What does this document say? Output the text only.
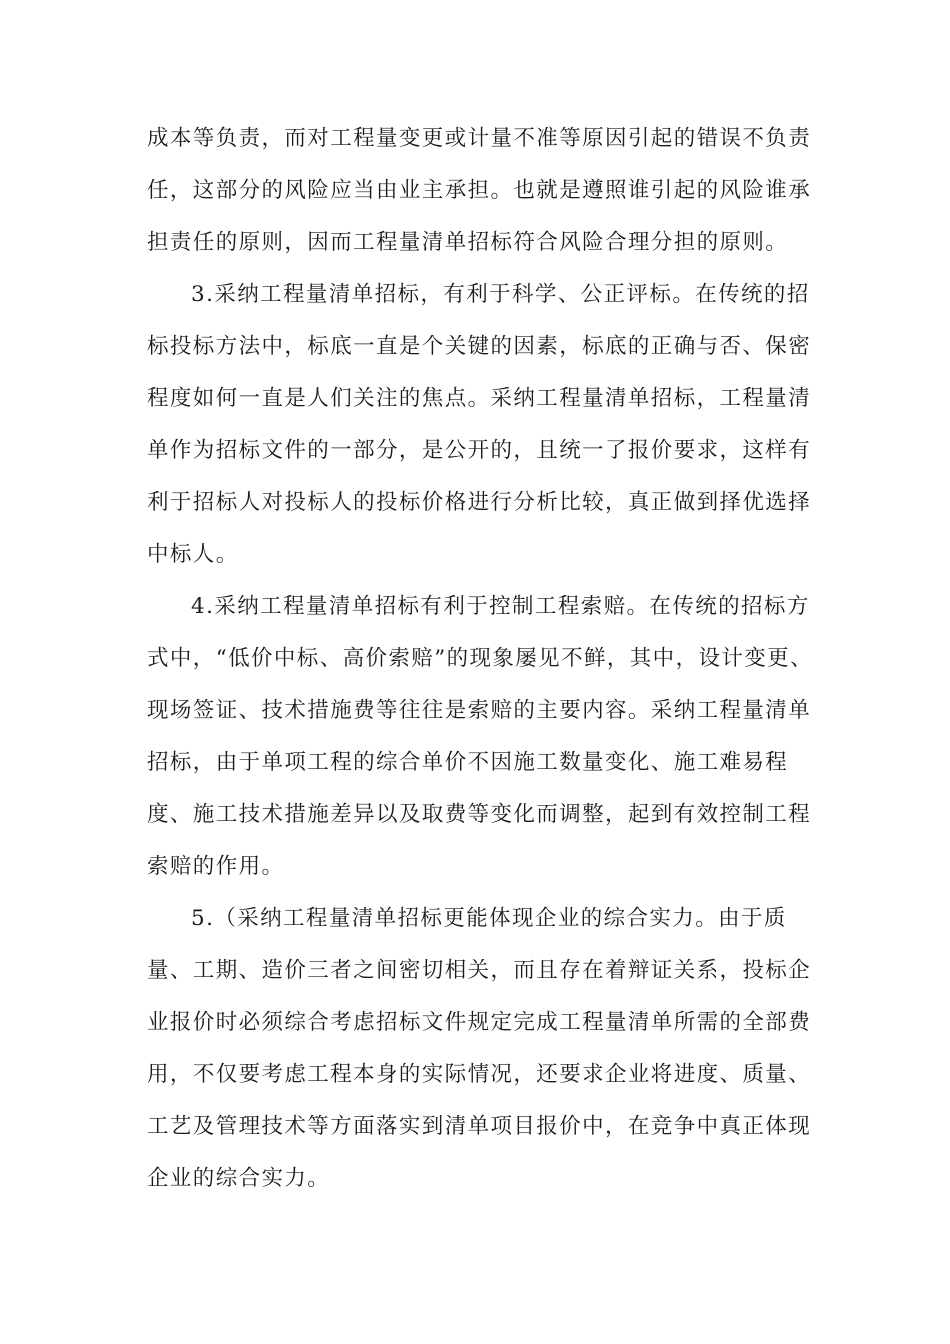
成本等负责，而对工程量变更或计量不准等原因引起的错误不负责
任，这部分的风险应当由业主承担。也就是遵照谁引起的风险谁承
担责任的原则，因而工程量清单招标符合风险合理分担的原则。
3.采纳工程量清单招标，有利于科学、公正评标。在传统的招
标投标方法中，标底一直是个关键的因素，标底的正确与否、保密
程度如何一直是人们关注的焦点。采纳工程量清单招标，工程量清
单作为招标文件的一部分，是公开的，且统一了报价要求，这样有
利于招标人对投标人的投标价格进行分析比较，真正做到择优选择
中标人。
4.采纳工程量清单招标有利于控制工程索赔。在传统的招标方
式中，“低价中标、高价索赔”的现象屡见不鲜，其中，设计变更、
现场签证、技术措施费等往往是索赔的主要内容。采纳工程量清单
招标，由于单项工程的综合单价不因施工数量变化、施工难易程
度、施工技术措施差异以及取费等变化而调整，起到有效控制工程
索赔的作用。
5.（采纳工程量清单招标更能体现企业的综合实力。由于质
量、工期、造价三者之间密切相关，而且存在着辩证关系，投标企
业报价时必须综合考虑招标文件规定完成工程量清单所需的全部费
用，不仅要考虑工程本身的实际情况，还要求企业将进度、质量、
工艺及管理技术等方面落实到清单项目报价中，在竞争中真正体现
企业的综合实力。
